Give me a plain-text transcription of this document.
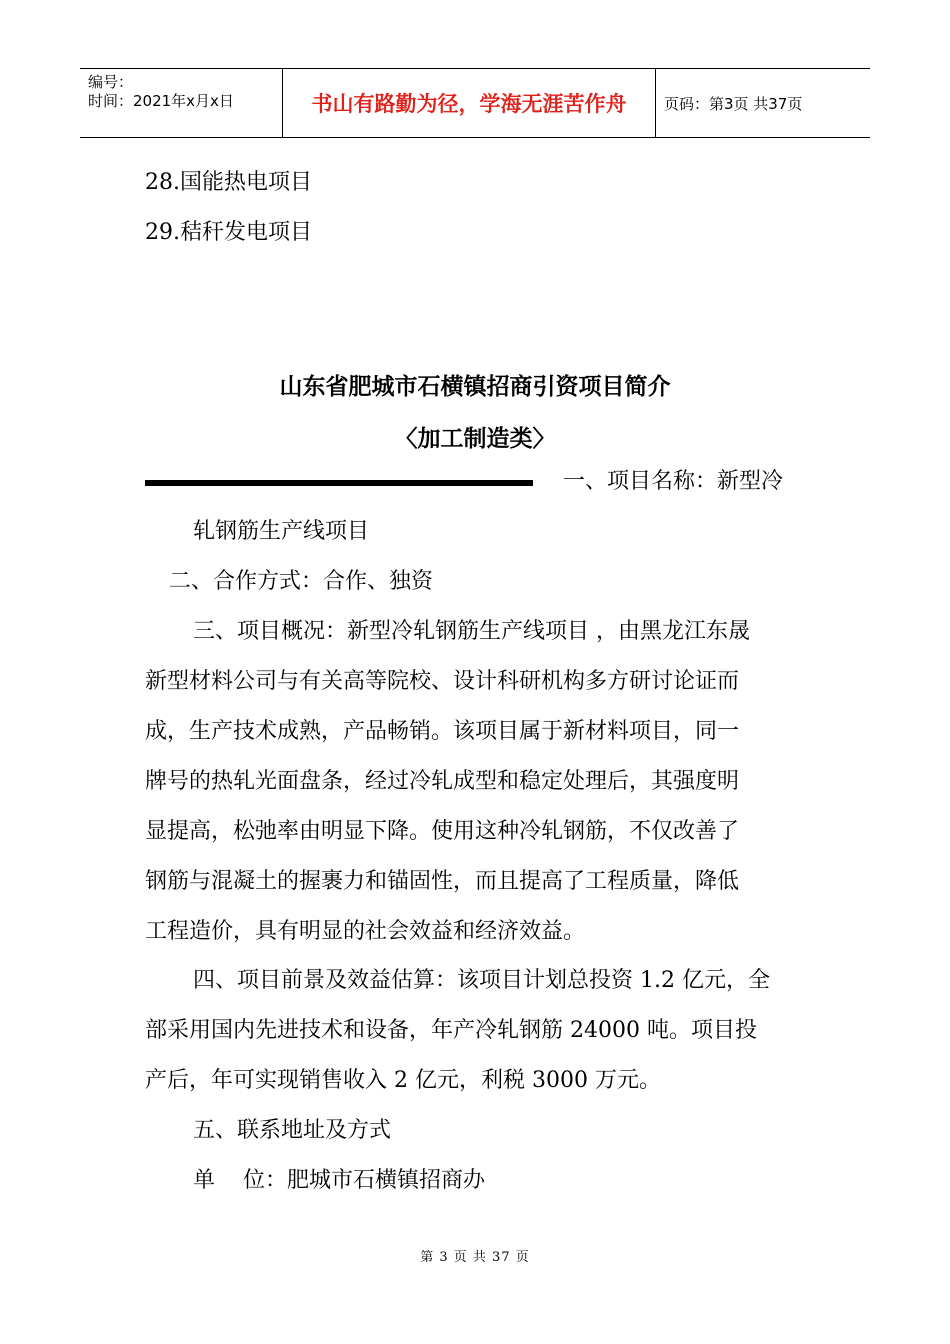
编号：
时间：2021年x月x日	书山有路勤为径，学海无涯苦作舟	页码：第3页 共37页
28.国能热电项目
29.秸秆发电项目
山东省肥城市石横镇招商引资项目简介
〈加工制造类〉
一、项目名称：新型冷
轧钢筋生产线项目
二、合作方式：合作、独资
三、项目概况：新型冷轧钢筋生产线项目 ，由黑龙江东晟
新型材料公司与有关高等院校、设计科研机构多方研讨论证而
成，生产技术成熟，产品畅销。该项目属于新材料项目，同一
牌号的热轧光面盘条，经过冷轧成型和稳定处理后，其强度明
显提高，松弛率由明显下降。使用这种冷轧钢筋，不仅改善了
钢筋与混凝土的握裹力和锚固性，而且提高了工程质量，降低
工程造价，具有明显的社会效益和经济效益。
四、项目前景及效益估算：该项目计划总投资 1.2 亿元，全
部采用国内先进技术和设备，年产冷轧钢筋 24000 吨。项目投
产后，年可实现销售收入 2 亿元，利税 3000 万元。
五、联系地址及方式
单    位：肥城市石横镇招商办
第 3 页 共 37 页
